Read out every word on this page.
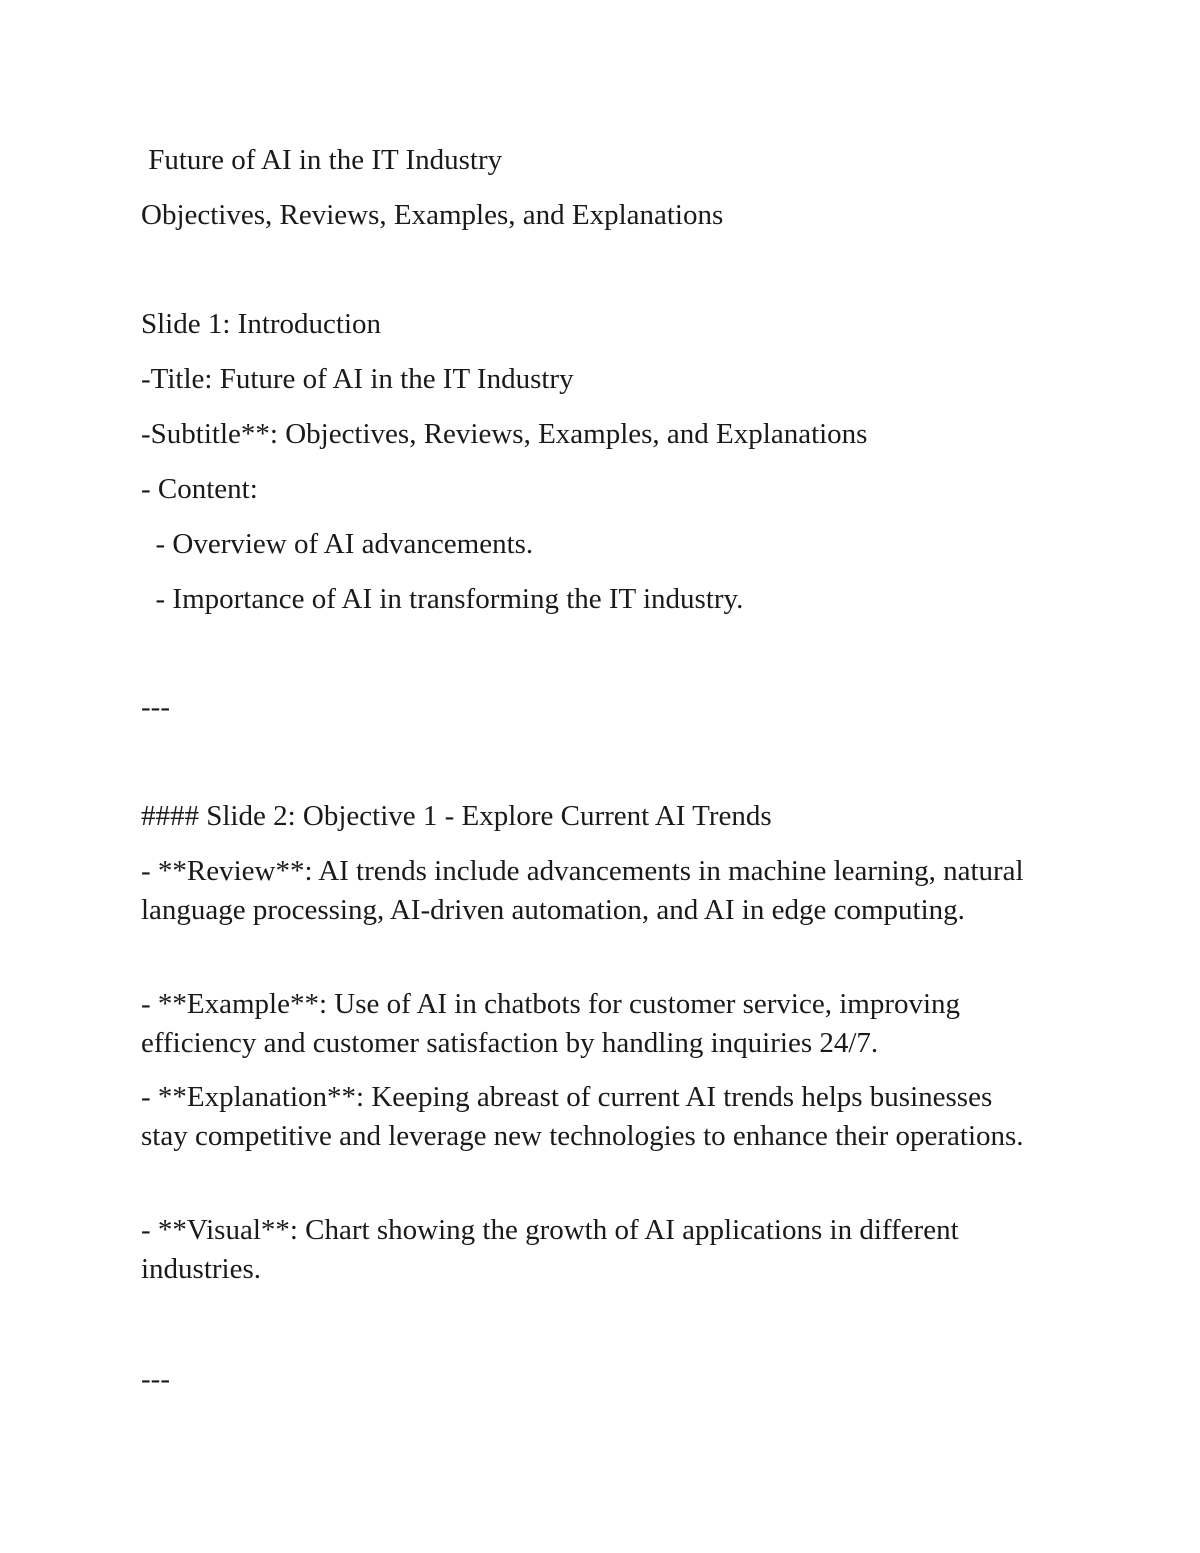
Future of AI in the IT Industry
Objectives, Reviews, Examples, and Explanations
Slide 1: Introduction
-Title: Future of AI in the IT Industry
-Subtitle**: Objectives, Reviews, Examples, and Explanations
- Content:
- Overview of AI advancements.
- Importance of AI in transforming the IT industry.
---
#### Slide 2: Objective 1 - Explore Current AI Trends
- **Review**: AI trends include advancements in machine learning, natural language processing, AI-driven automation, and AI in edge computing.
- **Example**: Use of AI in chatbots for customer service, improving efficiency and customer satisfaction by handling inquiries 24/7.
- **Explanation**: Keeping abreast of current AI trends helps businesses stay competitive and leverage new technologies to enhance their operations.
- **Visual**: Chart showing the growth of AI applications in different industries.
---
